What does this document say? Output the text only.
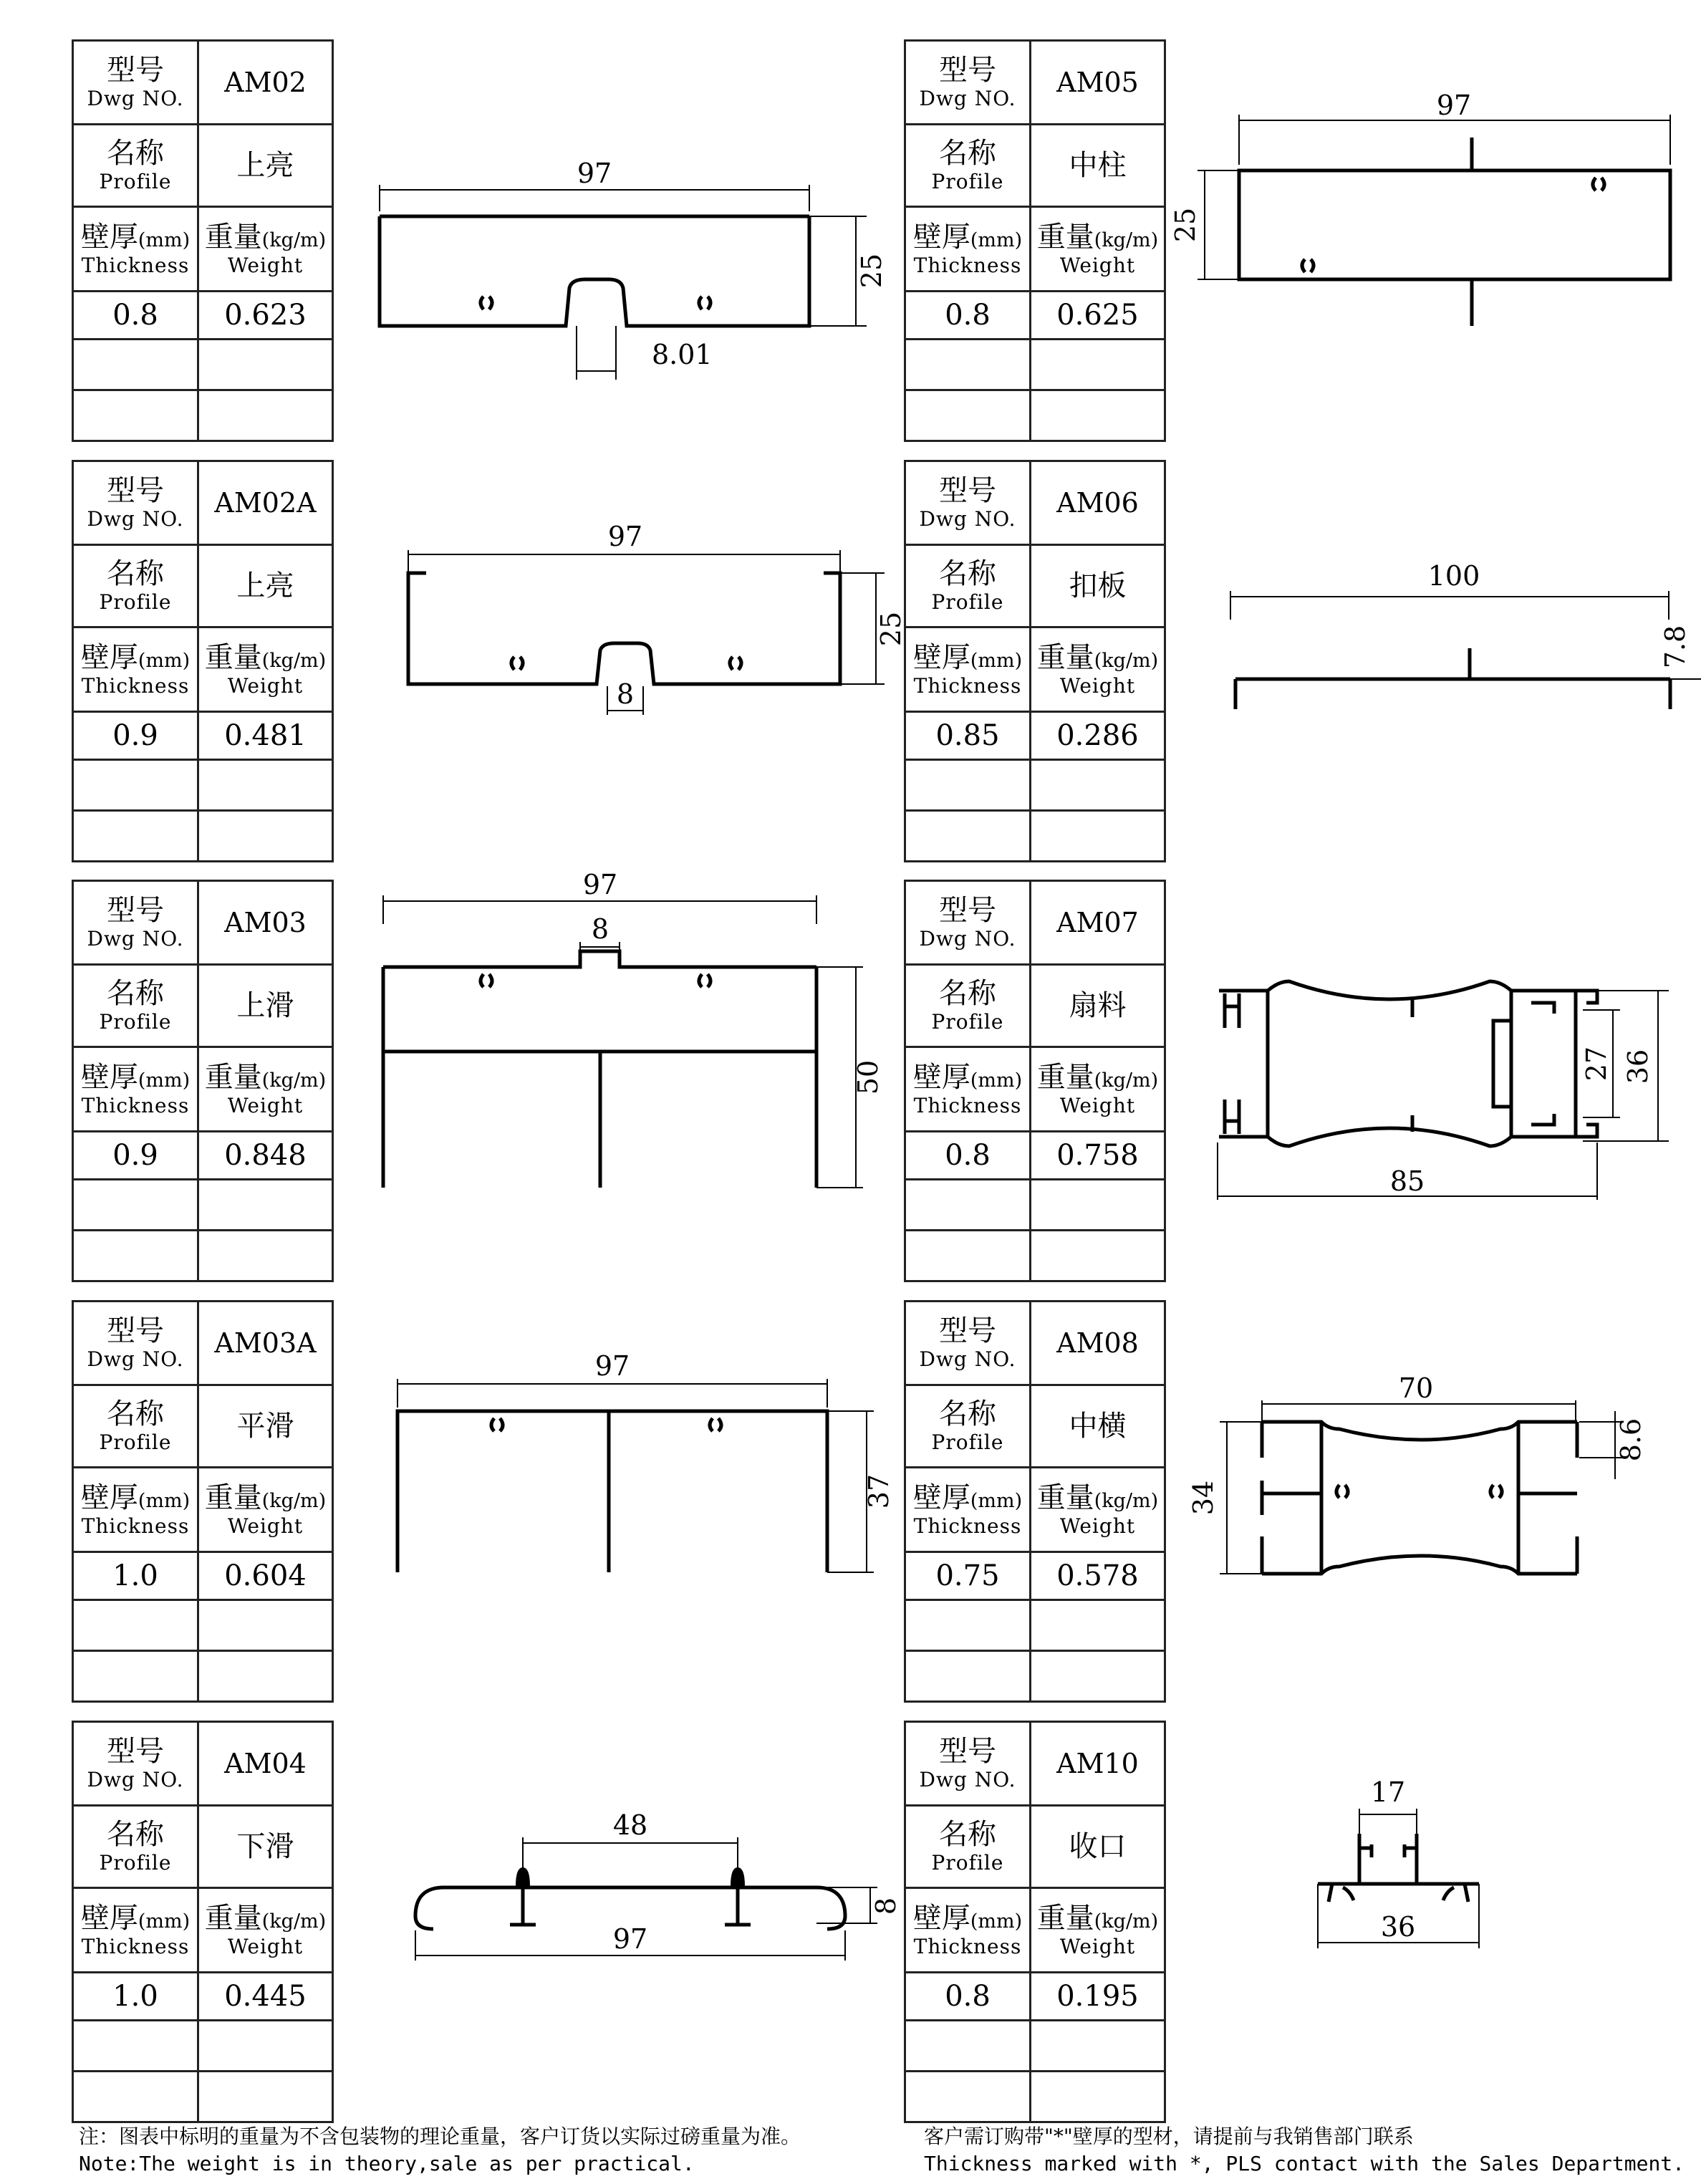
型号
Dwg NO.
AM02
名称
Profile 上亮
壁厚(mm)
Thickness
重量(kg/m)
Weight
0.8 0.623
型号
Dwg NO.
AM02A
名称
Profile 上亮
壁厚(mm)
Thickness
重量(kg/m)
Weight
0.9 0.481
型号
Dwg NO.
AM03
名称
Profile 上滑
壁厚(mm)
Thickness
重量(kg/m)
Weight
0.9 0.848
型号
Dwg NO.
AM03A
名称
Profile 平滑
壁厚(mm)
Thickness
重量(kg/m)
Weight
1.0 0.604
型号
Dwg NO.
AM04
名称
Profile 下滑
壁厚(mm)
Thickness
重量(kg/m)
Weight
1.0 0.445
型号
Dwg NO.
AM05
名称
Profile 中柱
壁厚(mm)
Thickness
重量(kg/m)
Weight
0.8 0.625
型号
Dwg NO.
AM06
名称
Profile 扣板
壁厚(mm)
Thickness
重量(kg/m)
Weight
0.85 0.286
型号
Dwg NO.
AM07
名称
Profile 扇料
壁厚(mm)
Thickness
重量(kg/m)
Weight
0.8 0.758
型号
Dwg NO.
AM08
名称
Profile 中横
壁厚(mm)
Thickness
重量(kg/m)
Weight
0.75 0.578
型号
Dwg NO.
AM10
名称
Profile 收口
壁厚(mm)
Thickness
重量(kg/m)
Weight
0.8 0.195
97
25
8.01
97
25
8
97
8
50
97
37
48
8
97
97
25
100
7.8
27 36
85
70
8.6
34
17
36
注：图表中标明的重量为不含包装物的理论重量，客户订货以实际过磅重量为准。
Note:The weight is in theory,sale as per practical.
客户需订购带"*"壁厚的型材，请提前与我销售部门联系
Thickness marked with *, PLS contact with the Sales Department.
